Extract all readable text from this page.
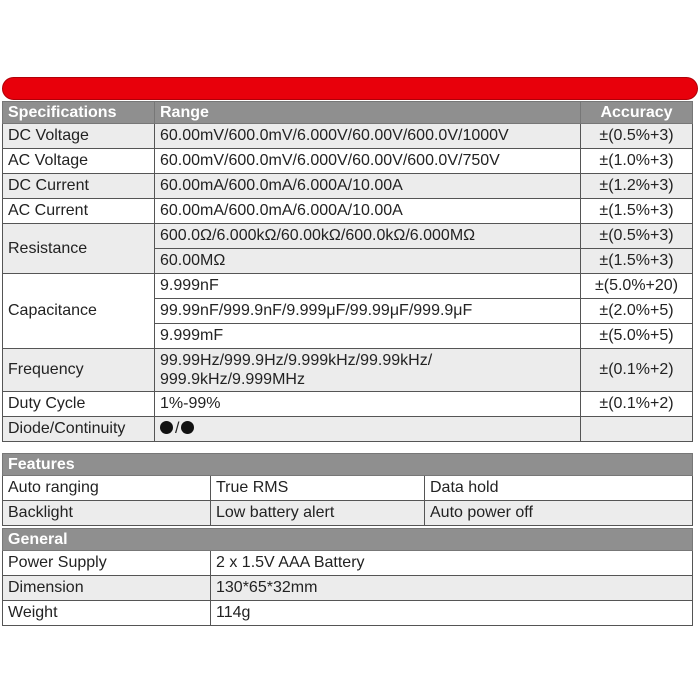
Specifications	Range	Accuracy
DC Voltage	60.00mV/600.0mV/6.000V/60.00V/600.0V/1000V	±(0.5%+3)
AC Voltage	60.00mV/600.0mV/6.000V/60.00V/600.0V/750V	±(1.0%+3)
DC Current	60.00mA/600.0mA/6.000A/10.00A	±(1.2%+3)
AC Current	60.00mA/600.0mA/6.000A/10.00A	±(1.5%+3)
Resistance	600.0Ω/6.000kΩ/60.00kΩ/600.0kΩ/6.000MΩ	±(0.5%+3)
	60.00MΩ	±(1.5%+3)
Capacitance	9.999nF	±(5.0%+20)
	99.99nF/999.9nF/9.999μF/99.99μF/999.9μF	±(2.0%+5)
	9.999mF	±(5.0%+5)
Frequency	99.99Hz/999.9Hz/9.999kHz/99.99kHz/
999.9kHz/9.999MHz	±(0.1%+2)
Duty Cycle	1%-99%	±(0.1%+2)
Diode/Continuity	/	
Features		
Auto ranging	True RMS	Data hold
Backlight	Low battery alert	Auto power off
General	
Power Supply	2 x 1.5V AAA Battery
Dimension	130*65*32mm
Weight	114g
